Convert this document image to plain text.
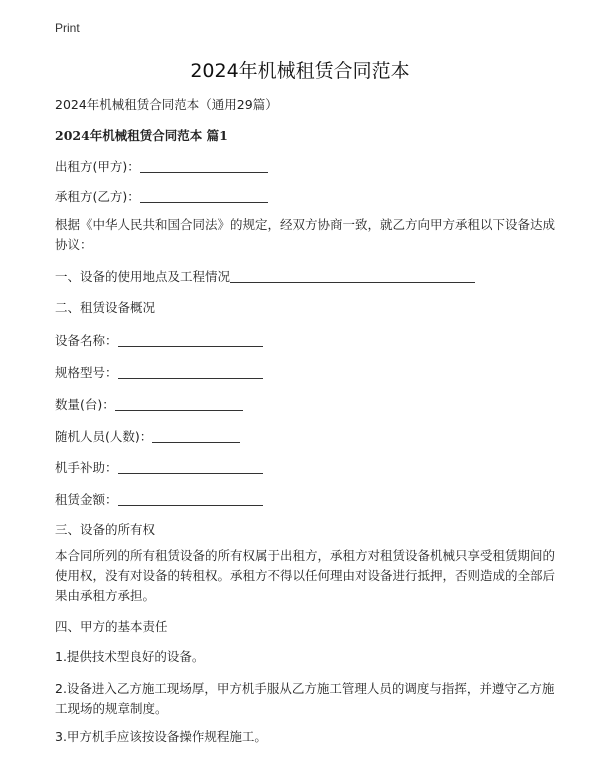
Print
2024年机械租赁合同范本
2024年机械租赁合同范本（通用29篇）
2024年机械租赁合同范本 篇1
出租方(甲方)：
承租方(乙方)：
根据《中华人民共和国合同法》的规定，经双方协商一致，就乙方向甲方承租以下设备达成协议：
一、设备的使用地点及工程情况
二、租赁设备概况
设备名称：
规格型号：
数量(台)：
随机人员(人数)：
机手补助：
租赁金额：
三、设备的所有权
本合同所列的所有租赁设备的所有权属于出租方，承租方对租赁设备机械只享受租赁期间的使用权，没有对设备的转租权。承租方不得以任何理由对设备进行抵押，否则造成的全部后果由承租方承担。
四、甲方的基本责任
1.提供技术型良好的设备。
2.设备进入乙方施工现场厚，甲方机手服从乙方施工管理人员的调度与指挥，并遵守乙方施工现场的规章制度。
3.甲方机手应该按设备操作规程施工。
